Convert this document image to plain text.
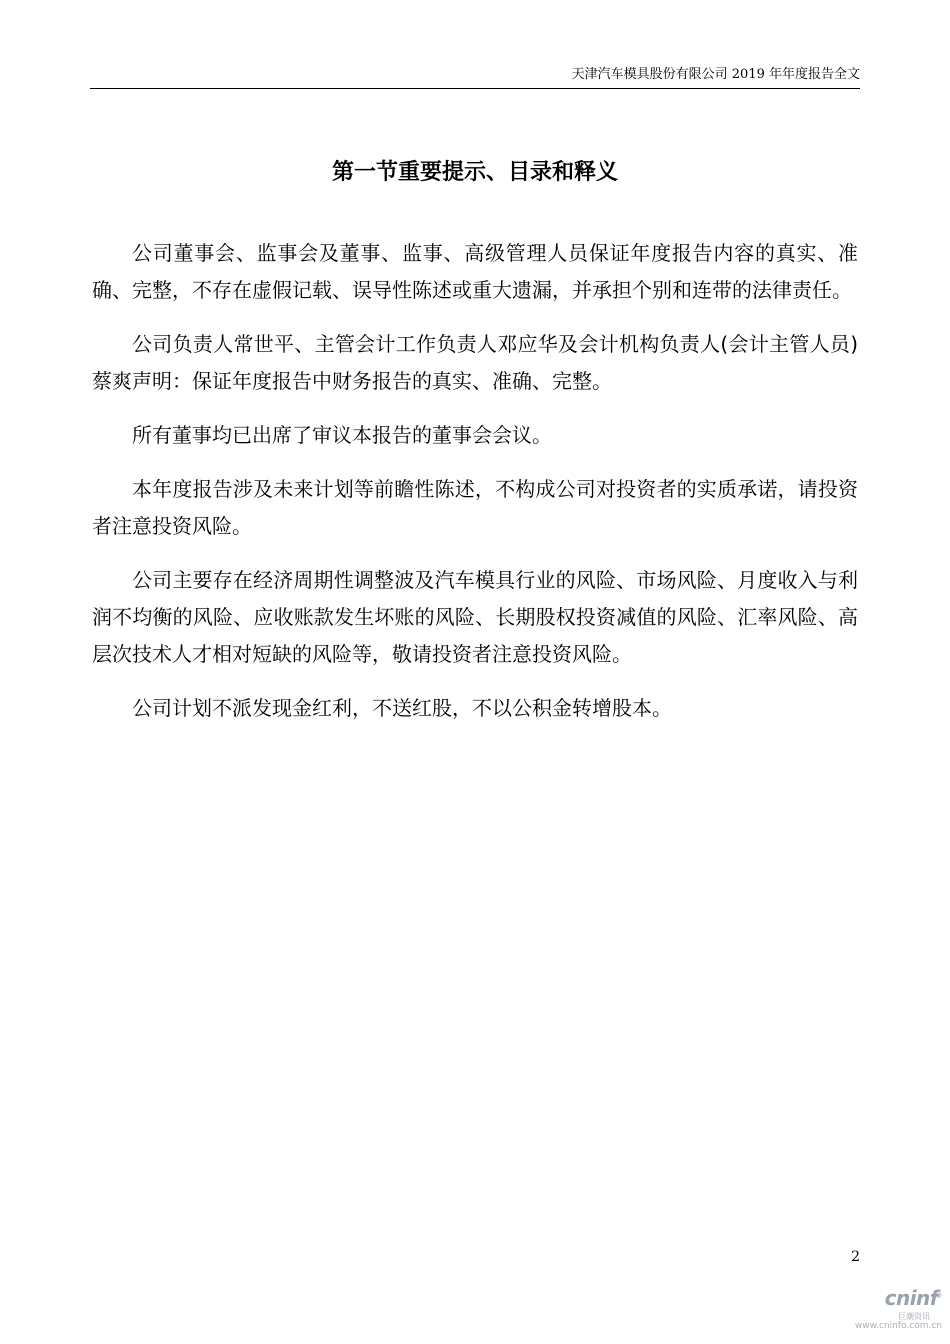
天津汽车模具股份有限公司 2019 年年度报告全文
第一节重要提示、目录和释义

公司董事会、监事会及董事、监事、高级管理人员保证年度报告内容的真实、准确、完整，不存在虚假记载、误导性陈述或重大遗漏，并承担个别和连带的法律责任。

公司负责人常世平、主管会计工作负责人邓应华及会计机构负责人(会计主管人员)蔡爽声明：保证年度报告中财务报告的真实、准确、完整。

所有董事均已出席了审议本报告的董事会会议。

本年度报告涉及未来计划等前瞻性陈述，不构成公司对投资者的实质承诺，请投资者注意投资风险。

公司主要存在经济周期性调整波及汽车模具行业的风险、市场风险、月度收入与利润不均衡的风险、应收账款发生坏账的风险、长期股权投资减值的风险、汇率风险、高层次技术人才相对短缺的风险等，敬请投资者注意投资风险。

公司计划不派发现金红利，不送红股，不以公积金转增股本。

2
cninf
巨潮资讯
www.cninfo.com.cn
